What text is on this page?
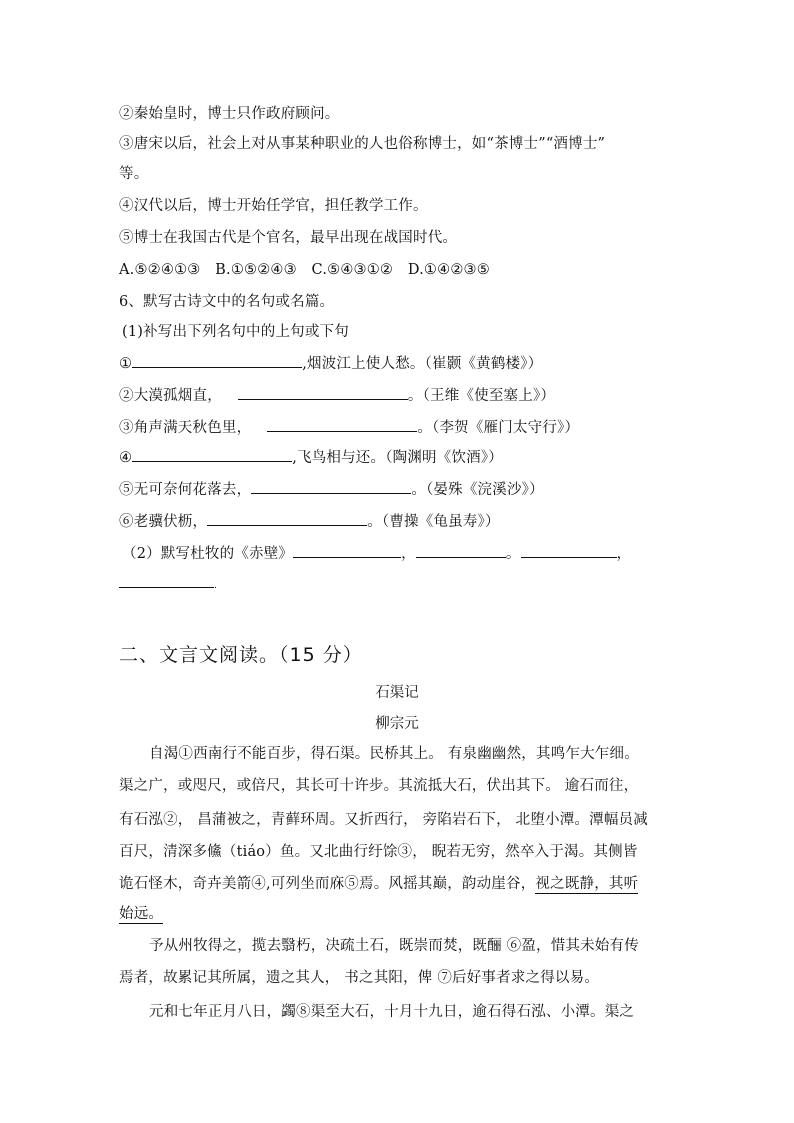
②秦始皇时，博士只作政府顾问。
③唐宋以后，社会上对从事某种职业的人也俗称博士，如“茶博士”“酒博士”
等。
④汉代以后，博士开始任学官，担任教学工作。
⑤博士在我国古代是个官名，最早出现在战国时代。
A.⑤②④①③　B.①⑤②④③　C.⑤④③①②　D.①④②③⑤
6、默写古诗文中的名句或名篇。
(1)补写出下列名句中的上句或下句
①	,烟波江上使人愁。（崔颢《黄鹤楼》）
②大漠孤烟直，	。（王维《使至塞上》）
③角声满天秋色里，	。（李贺《雁门太守行》）
④	,飞鸟相与还。（陶渊明《饮酒》）
⑤无可奈何花落去，	。（晏殊《浣溪沙》）
⑥老骥伏枥，	。（曹操《龟虽寿》）
（2）默写杜牧的《赤壁》	，	。	，
.
二、文言文阅读。（15 分）
石渠记
柳宗元
自渴①西南行不能百步，得石渠。民桥其上。 有泉幽幽然，其鸣乍大乍细。
渠之广，或咫尺，或倍尺，其长可十许步。其流抵大石，伏出其下。 逾石而往，
有石泓②， 昌蒲被之，青藓环周。又折西行， 旁陷岩石下， 北堕小潭。潭幅员减
百尺，清深多鯈（tiáo）鱼。又北曲行纡馀③， 睨若无穷，然卒入于渴。其侧皆
诡石怪木，奇卉美箭④,可列坐而庥⑤焉。风摇其巅，韵动崖谷，视之既静，其听
始远。
予从州牧得之，揽去翳朽，决疏土石，既崇而焚，既酾 ⑥盈，惜其未始有传
焉者，故累记其所属，遗之其人， 书之其阳，俾 ⑦后好事者求之得以易。
元和七年正月八日，蠲⑧渠至大石，十月十九日，逾石得石泓、小潭。渠之
